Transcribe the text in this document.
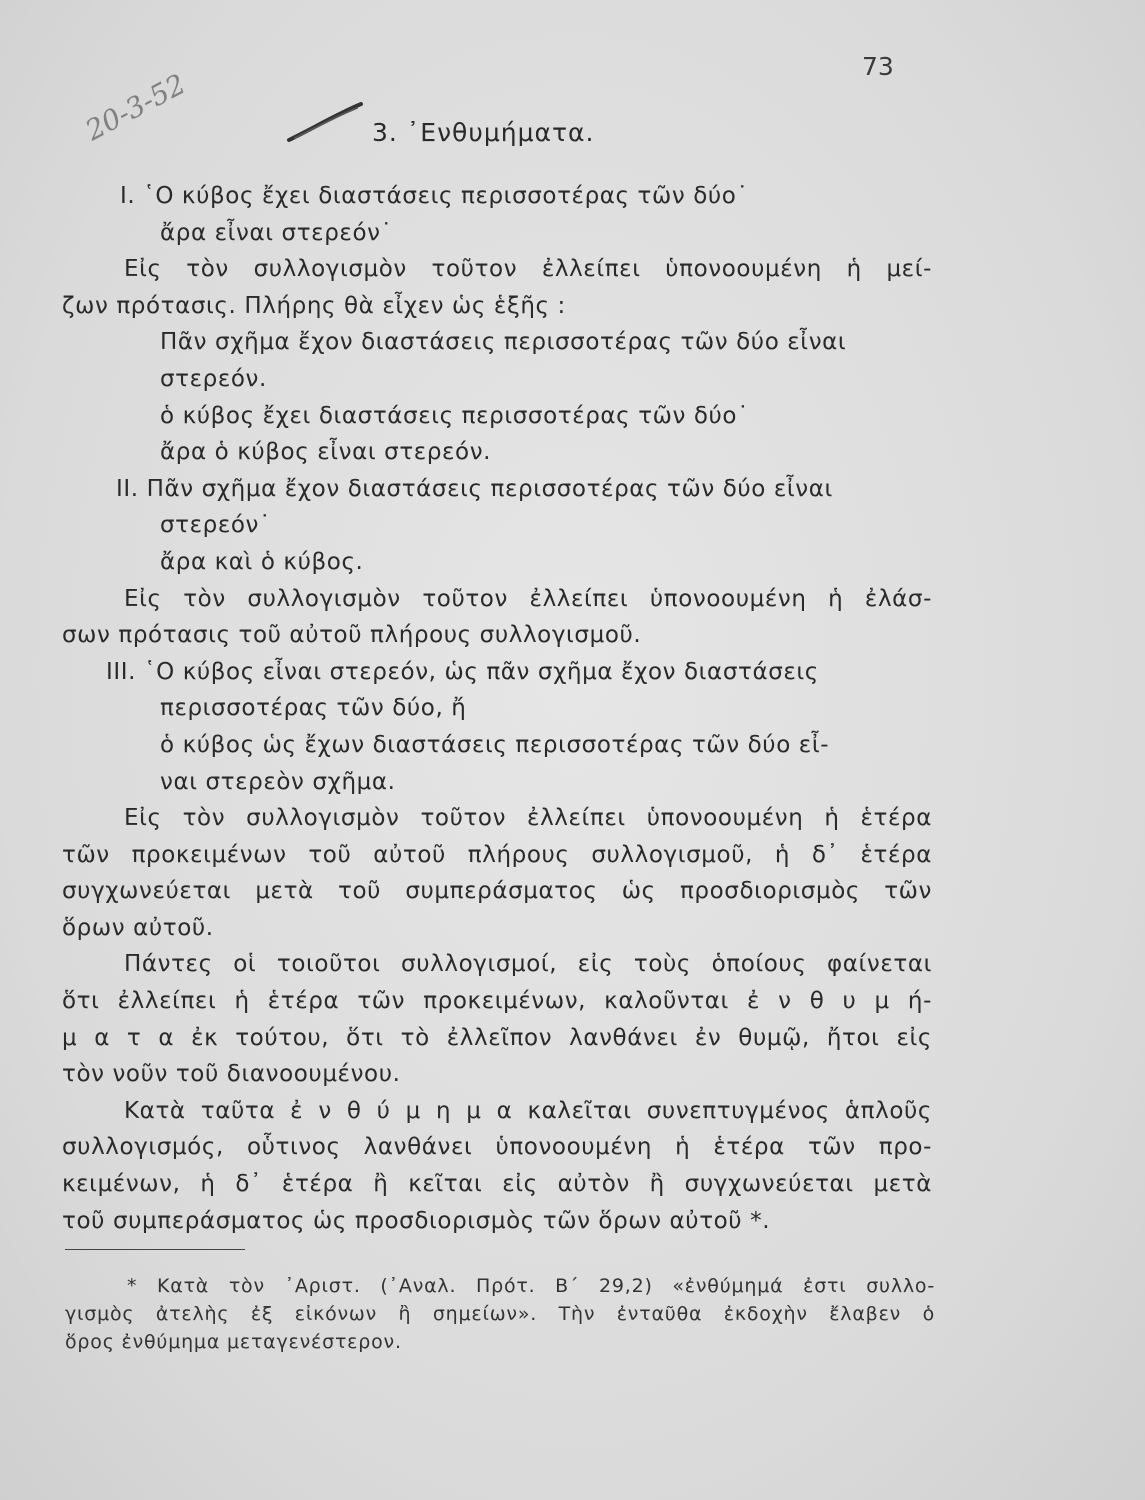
73
20-3-52	3. ᾿Ενθυμήματα.
I. ῾Ο κύβος ἔχει διαστάσεις περισσοτέρας τῶν δύο˙
ἄρα εἶναι στερεόν˙
Εἰς τὸν συλλογισμὸν τοῦτον ἐλλείπει ὑπονοουμένη ἡ μεί-
ζων πρότασις. Πλήρης θὰ εἶχεν ὡς ἑξῆς :
Πᾶν σχῆμα ἔχον διαστάσεις περισσοτέρας τῶν δύο εἶναι
στερεόν.
ὁ κύβος ἔχει διαστάσεις περισσοτέρας τῶν δύο˙
ἄρα ὁ κύβος εἶναι στερεόν.
II. Πᾶν σχῆμα ἔχον διαστάσεις περισσοτέρας τῶν δύο εἶναι
στερεόν˙
ἄρα καὶ ὁ κύβος.
Εἰς τὸν συλλογισμὸν τοῦτον ἐλλείπει ὑπονοουμένη ἡ ἐλάσ-
σων πρότασις τοῦ αὐτοῦ πλήρους συλλογισμοῦ.
III. ῾Ο κύβος εἶναι στερεόν, ὡς πᾶν σχῆμα ἔχον διαστάσεις
περισσοτέρας τῶν δύο, ἤ
ὁ κύβος ὡς ἔχων διαστάσεις περισσοτέρας τῶν δύο εἶ-
ναι στερεὸν σχῆμα.
Εἰς τὸν συλλογισμὸν τοῦτον ἐλλείπει ὑπονοουμένη ἡ ἑτέρα
τῶν προκειμένων τοῦ αὐτοῦ πλήρους συλλογισμοῦ, ἡ δ᾿ ἑτέρα
συγχωνεύεται μετὰ τοῦ συμπεράσματος ὡς προσδιορισμὸς τῶν
ὅρων αὐτοῦ.
Πάντες οἱ τοιοῦτοι συλλογισμοί, εἰς τοὺς ὁποίους φαίνεται
ὅτι ἐλλείπει ἡ ἑτέρα τῶν προκειμένων, καλοῦνται ἐ ν θ υ μ ή-
μ α τ α ἐκ τούτου, ὅτι τὸ ἐλλεῖπον λανθάνει ἐν θυμῷ, ἤτοι εἰς
τὸν νοῦν τοῦ διανοουμένου.
Κατὰ ταῦτα ἐ ν θ ύ μ η μ α καλεῖται συνεπτυγμένος ἁπλοῦς
συλλογισμός, οὗτινος λανθάνει ὑπονοουμένη ἡ ἑτέρα τῶν προ-
κειμένων, ἡ δ᾿ ἑτέρα ἢ κεῖται εἰς αὐτὸν ἢ συγχωνεύεται μετὰ
τοῦ συμπεράσματος ὡς προσδιορισμὸς τῶν ὅρων αὐτοῦ *.
* Κατὰ τὸν ᾿Αριστ. (᾿Αναλ. Πρότ. Β΄ 29,2) «ἐνθύμημά ἐστι συλλο-
γισμὸς ἀτελὴς ἐξ εἰκόνων ἢ σημείων». Τὴν ἐνταῦθα ἐκδοχὴν ἔλαβεν ὁ
ὅρος ἐνθύμημα μεταγενέστερον.
